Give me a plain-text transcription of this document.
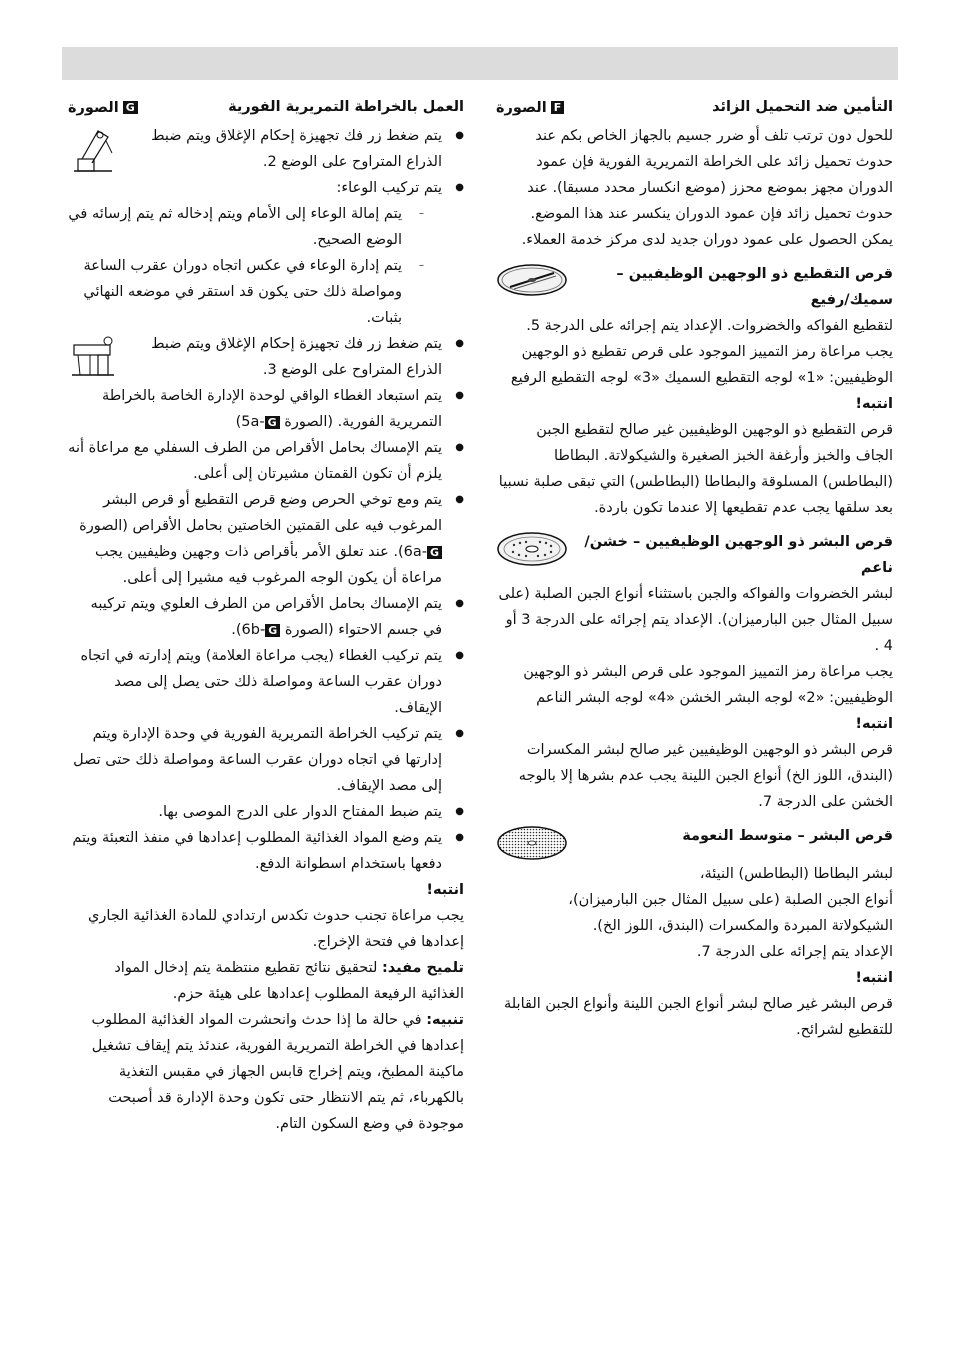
التأمين ضد التحميل الزائد
F
الصورة

للحول دون ترتب تلف أو ضرر جسيم بالجهاز الخاص بكم عند حدوث تحميل زائد على الخراطة التمريرية الفورية فإن عمود الدوران مجهز بموضع محزز (موضع انكسار محدد مسبقا). عند حدوث تحميل زائد فإن عمود الدوران ينكسر عند هذا الموضع. يمكن الحصول على عمود دوران جديد لدى مركز خدمة العملاء.

قرص التقطيع ذو الوجهين الوظيفيين – سميك/رفيع

لتقطيع الفواكه والخضروات. الإعداد يتم إجرائه على الدرجة 5.

يجب مراعاة رمز التمييز الموجود على قرص تقطيع ذو الوجهين الوظيفيين: «1» لوجه التقطيع السميك «3» لوجه التقطيع الرفيع

انتبه!

قرص التقطيع ذو الوجهين الوظيفيين غير صالح لتقطيع الجبن الجاف والخبز وأرغفة الخبز الصغيرة والشيكولاتة. البطاطا (البطاطس) المسلوقة والبطاطا (البطاطس) التي تبقى صلبة نسبيا بعد سلقها يجب عدم تقطيعها إلا عندما تكون باردة.

قرص البشر ذو الوجهين الوظيفيين – خشن/ناعم

لبشر الخضروات والفواكه والجبن باستثناء أنواع الجبن الصلبة (على سبيل المثال جبن البارميزان). الإعداد يتم إجرائه على الدرجة 3 أو 4 .

يجب مراعاة رمز التمييز الموجود على قرص البشر ذو الوجهين الوظيفيين: «2» لوجه البشر الخشن «4» لوجه البشر الناعم

انتبه!

قرص البشر ذو الوجهين الوظيفيين غير صالح لبشر المكسرات (البندق، اللوز الخ) أنواع الجبن اللينة يجب عدم بشرها إلا بالوجه الخشن على الدرجة 7.

قرص البشر – متوسط النعومة

لبشر البطاطا (البطاطس) النيئة،

أنواع الجبن الصلبة (على سبيل المثال جبن البارميزان)،

الشيكولاتة المبردة والمكسرات (البندق، اللوز الخ).

الإعداد يتم إجرائه على الدرجة 7.

انتبه!

قرص البشر غير صالح لبشر أنواع الجبن اللينة وأنواع الجبن القابلة للتقطيع لشرائح.

العمل بالخراطة التمريرية الفورية
G
الصورة
● يتم ضغط زر فك تجهيزة إحكام الإغلاق ويتم ضبط الذراع المتراوح على الوضع 2.
● يتم تركيب الوعاء:
– يتم إمالة الوعاء إلى الأمام ويتم إدخاله ثم يتم إرسائه في الوضع الصحيح.
– يتم إدارة الوعاء في عكس اتجاه دوران عقرب الساعة ومواصلة ذلك حتى يكون قد استقر في موضعه النهائي بثبات.
● يتم ضغط زر فك تجهيزة إحكام الإغلاق ويتم ضبط الذراع المتراوح على الوضع 3.
● يتم استبعاد الغطاء الواقي لوحدة الإدارة الخاصة بالخراطة التمريرية الفورية. (الصورة G-5a)
● يتم الإمساك بحامل الأقراص من الطرف السفلي مع مراعاة أنه يلزم أن تكون القمتان مشيرتان إلى أعلى.
● يتم ومع توخي الحرص وضع قرص التقطيع أو قرص البشر المرغوب فيه على القمتين الخاصتين بحامل الأقراص (الصورة G-6a). عند تعلق الأمر بأقراص ذات وجهين وظيفيين يجب مراعاة أن يكون الوجه المرغوب فيه مشيرا إلى أعلى.
● يتم الإمساك بحامل الأقراص من الطرف العلوي ويتم تركيبه في جسم الاحتواء (الصورة G-6b).
● يتم تركيب الغطاء (يجب مراعاة العلامة) ويتم إدارته في اتجاه دوران عقرب الساعة ومواصلة ذلك حتى يصل إلى مصد الإيقاف.
● يتم تركيب الخراطة التمريرية الفورية في وحدة الإدارة ويتم إدارتها في اتجاه دوران عقرب الساعة ومواصلة ذلك حتى تصل إلى مصد الإيقاف.
● يتم ضبط المفتاح الدوار على الدرج الموصى بها.
● يتم وضع المواد الغذائية المطلوب إعدادها في منفذ التعبئة ويتم دفعها باستخدام اسطوانة الدفع.

انتبه!

يجب مراعاة تجنب حدوث تكدس ارتدادي للمادة الغذائية الجاري إعدادها في فتحة الإخراج.

تلميح مفيد: لتحقيق نتائج تقطيع منتظمة يتم إدخال المواد الغذائية الرفيعة المطلوب إعدادها على هيئة حزم.

تنبيه: في حالة ما إذا حدث وانحشرت المواد الغذائية المطلوب إعدادها في الخراطة التمريرية الفورية، عندئذ يتم إيقاف تشغيل ماكينة المطبخ، ويتم إخراج قابس الجهاز في مقبس التغذية بالكهرباء، ثم يتم الانتظار حتى تكون وحدة الإدارة قد أصبحت موجودة في وضع السكون التام.
